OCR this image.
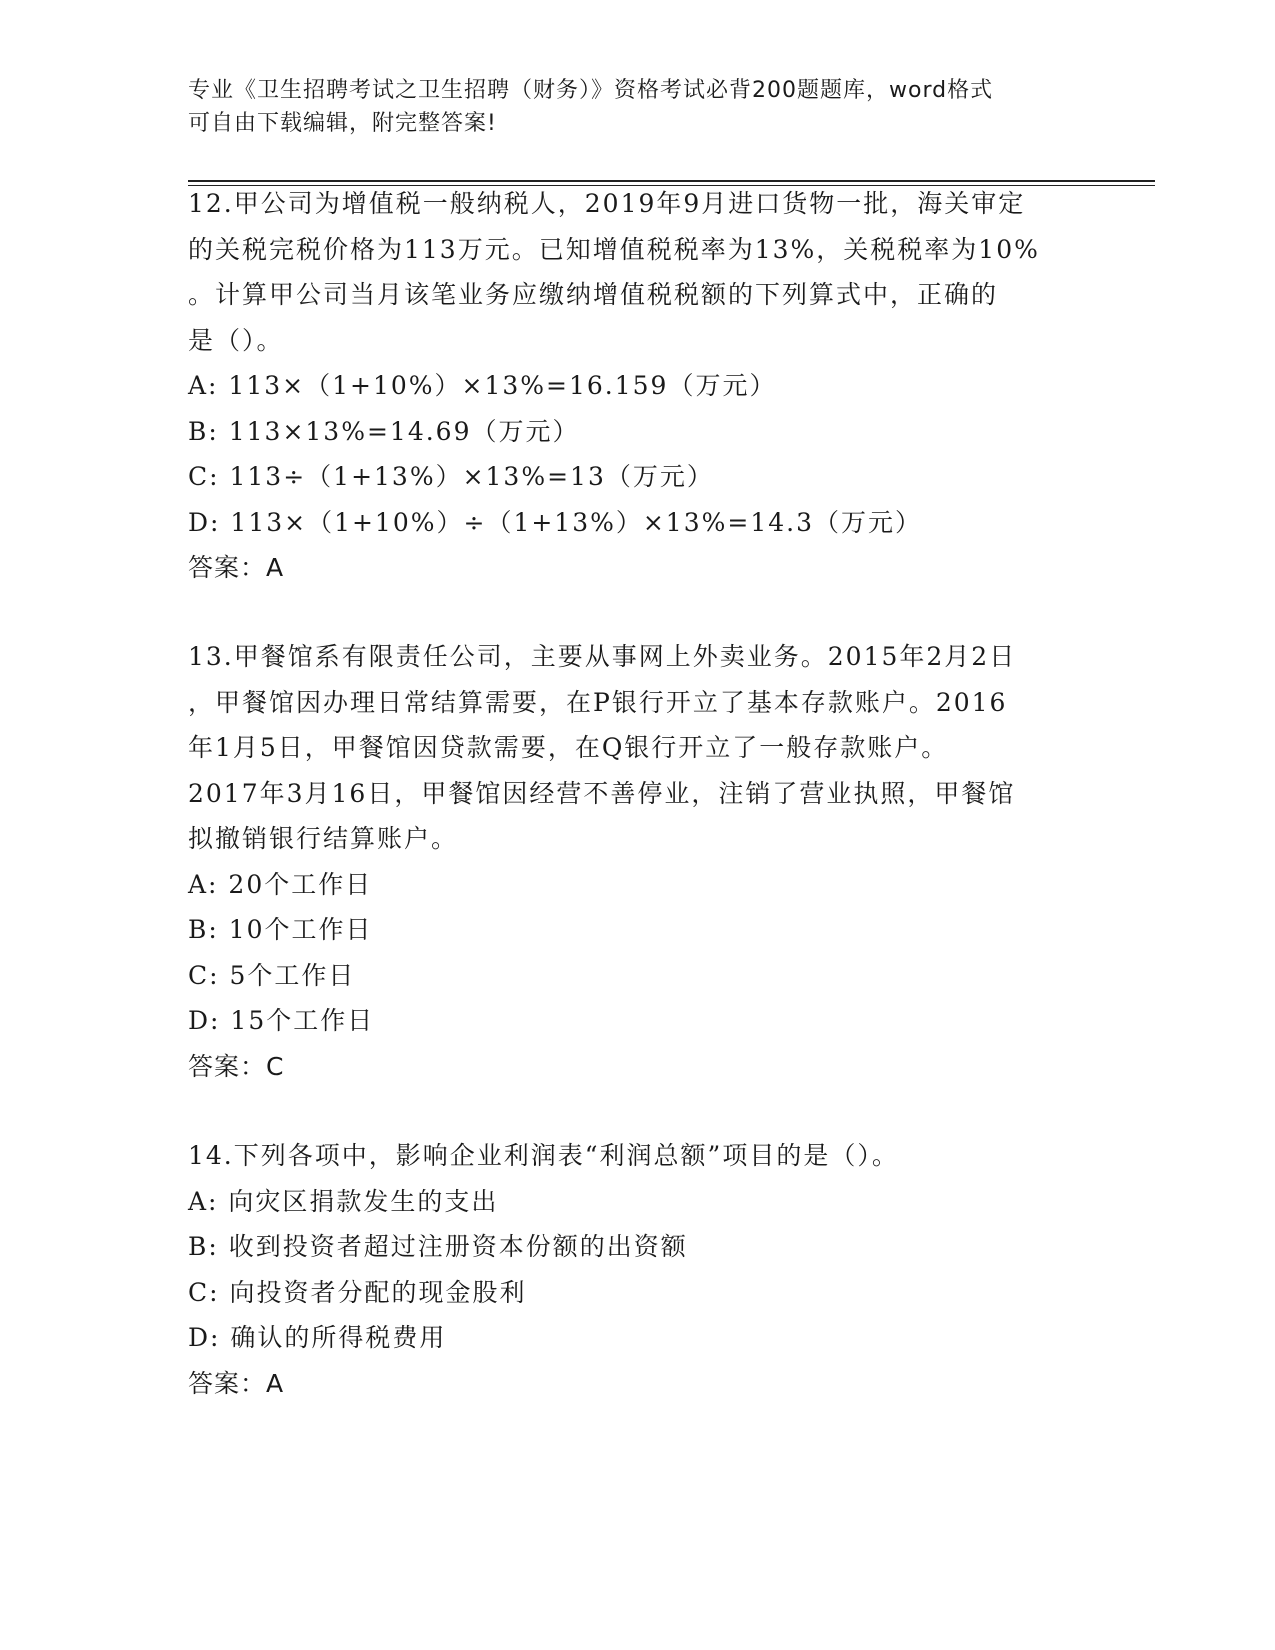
专业《卫生招聘考试之卫生招聘（财务）》资格考试必背200题题库，word格式
可自由下载编辑，附完整答案!
12.甲公司为增值税一般纳税人，2019年9月进口货物一批，海关审定
的关税完税价格为113万元。已知增值税税率为13%，关税税率为10%
。计算甲公司当月该笔业务应缴纳增值税税额的下列算式中，正确的
是（）。
A: 113×（1+10%）×13%=16.159（万元）
B: 113×13%=14.69（万元）
C: 113÷（1+13%）×13%=13（万元）
D: 113×（1+10%）÷（1+13%）×13%=14.3（万元）
答案：A
13.甲餐馆系有限责任公司，主要从事网上外卖业务。2015年2月2日
，甲餐馆因办理日常结算需要，在P银行开立了基本存款账户。2016
年1月5日，甲餐馆因贷款需要，在Q银行开立了一般存款账户。
2017年3月16日，甲餐馆因经营不善停业，注销了营业执照，甲餐馆
拟撤销银行结算账户。
A: 20个工作日
B: 10个工作日
C: 5个工作日
D: 15个工作日
答案：C
14.下列各项中，影响企业利润表“利润总额”项目的是（）。
A: 向灾区捐款发生的支出
B: 收到投资者超过注册资本份额的出资额
C: 向投资者分配的现金股利
D: 确认的所得税费用
答案：A
